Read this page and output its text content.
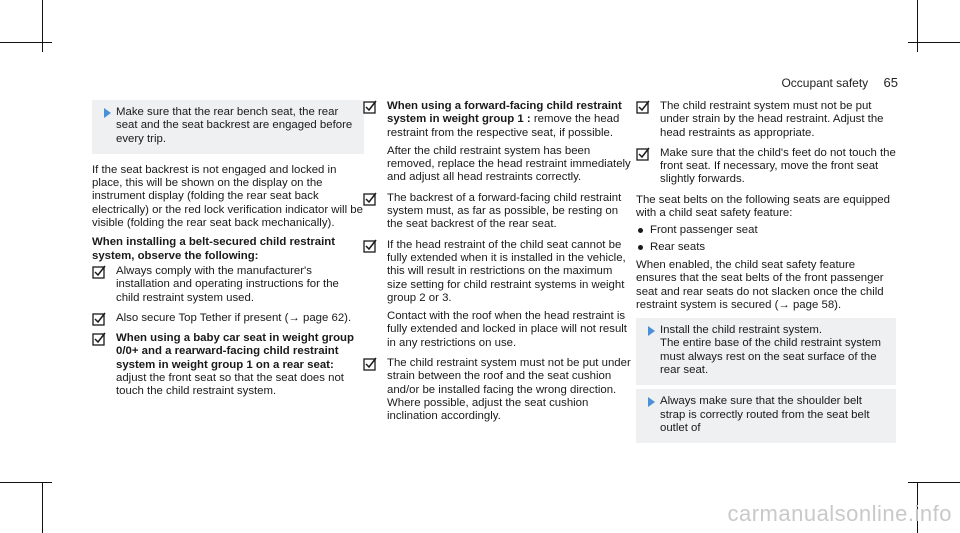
Occupant safety 65
Make sure that the rear bench seat, the rear seat and the seat backrest are engaged before every trip.

If the seat backrest is not engaged and locked in place, this will be shown on the display on the instrument display (folding the rear seat back electrically) or the red lock verification indicator will be visible (folding the rear seat back mechanically).

When installing a belt-secured child restraint system, observe the following:

Always comply with the manufacturer's installation and operating instructions for the child restraint system used.
Also secure Top Tether if present (→ page 62).
When using a baby car seat in weight group 0/0+ and a rearward-facing child restraint system in weight group 1 on a rear seat: adjust the front seat so that the seat does not touch the child restraint system.
When using a forward-facing child restraint system in weight group 1 : remove the head restraint from the respective seat, if possible.
After the child restraint system has been removed, replace the head restraint immediately and adjust all head restraints correctly.
The backrest of a forward-facing child restraint system must, as far as possible, be resting on the seat backrest of the rear seat.
If the head restraint of the child seat cannot be fully extended when it is installed in the vehicle, this will result in restrictions on the maximum size setting for child restraint systems in weight group 2 or 3.
Contact with the roof when the head restraint is fully extended and locked in place will not result in any restrictions on use.
The child restraint system must not be put under strain between the roof and the seat cushion and/or be installed facing the wrong direction. Where possible, adjust the seat cushion inclination accordingly.
The child restraint system must not be put under strain by the head restraint. Adjust the head restraints as appropriate.
Make sure that the child's feet do not touch the front seat. If necessary, move the front seat slightly forwards.

The seat belts on the following seats are equipped with a child seat safety feature:

Front passenger seat
Rear seats

When enabled, the child seat safety feature ensures that the seat belts of the front passenger seat and rear seats do not slacken once the child restraint system is secured (→ page 58).

Install the child restraint system.
The entire base of the child restraint system must always rest on the seat surface of the rear seat.
Always make sure that the shoulder belt strap is correctly routed from the seat belt outlet of
carmanualsonline.info
